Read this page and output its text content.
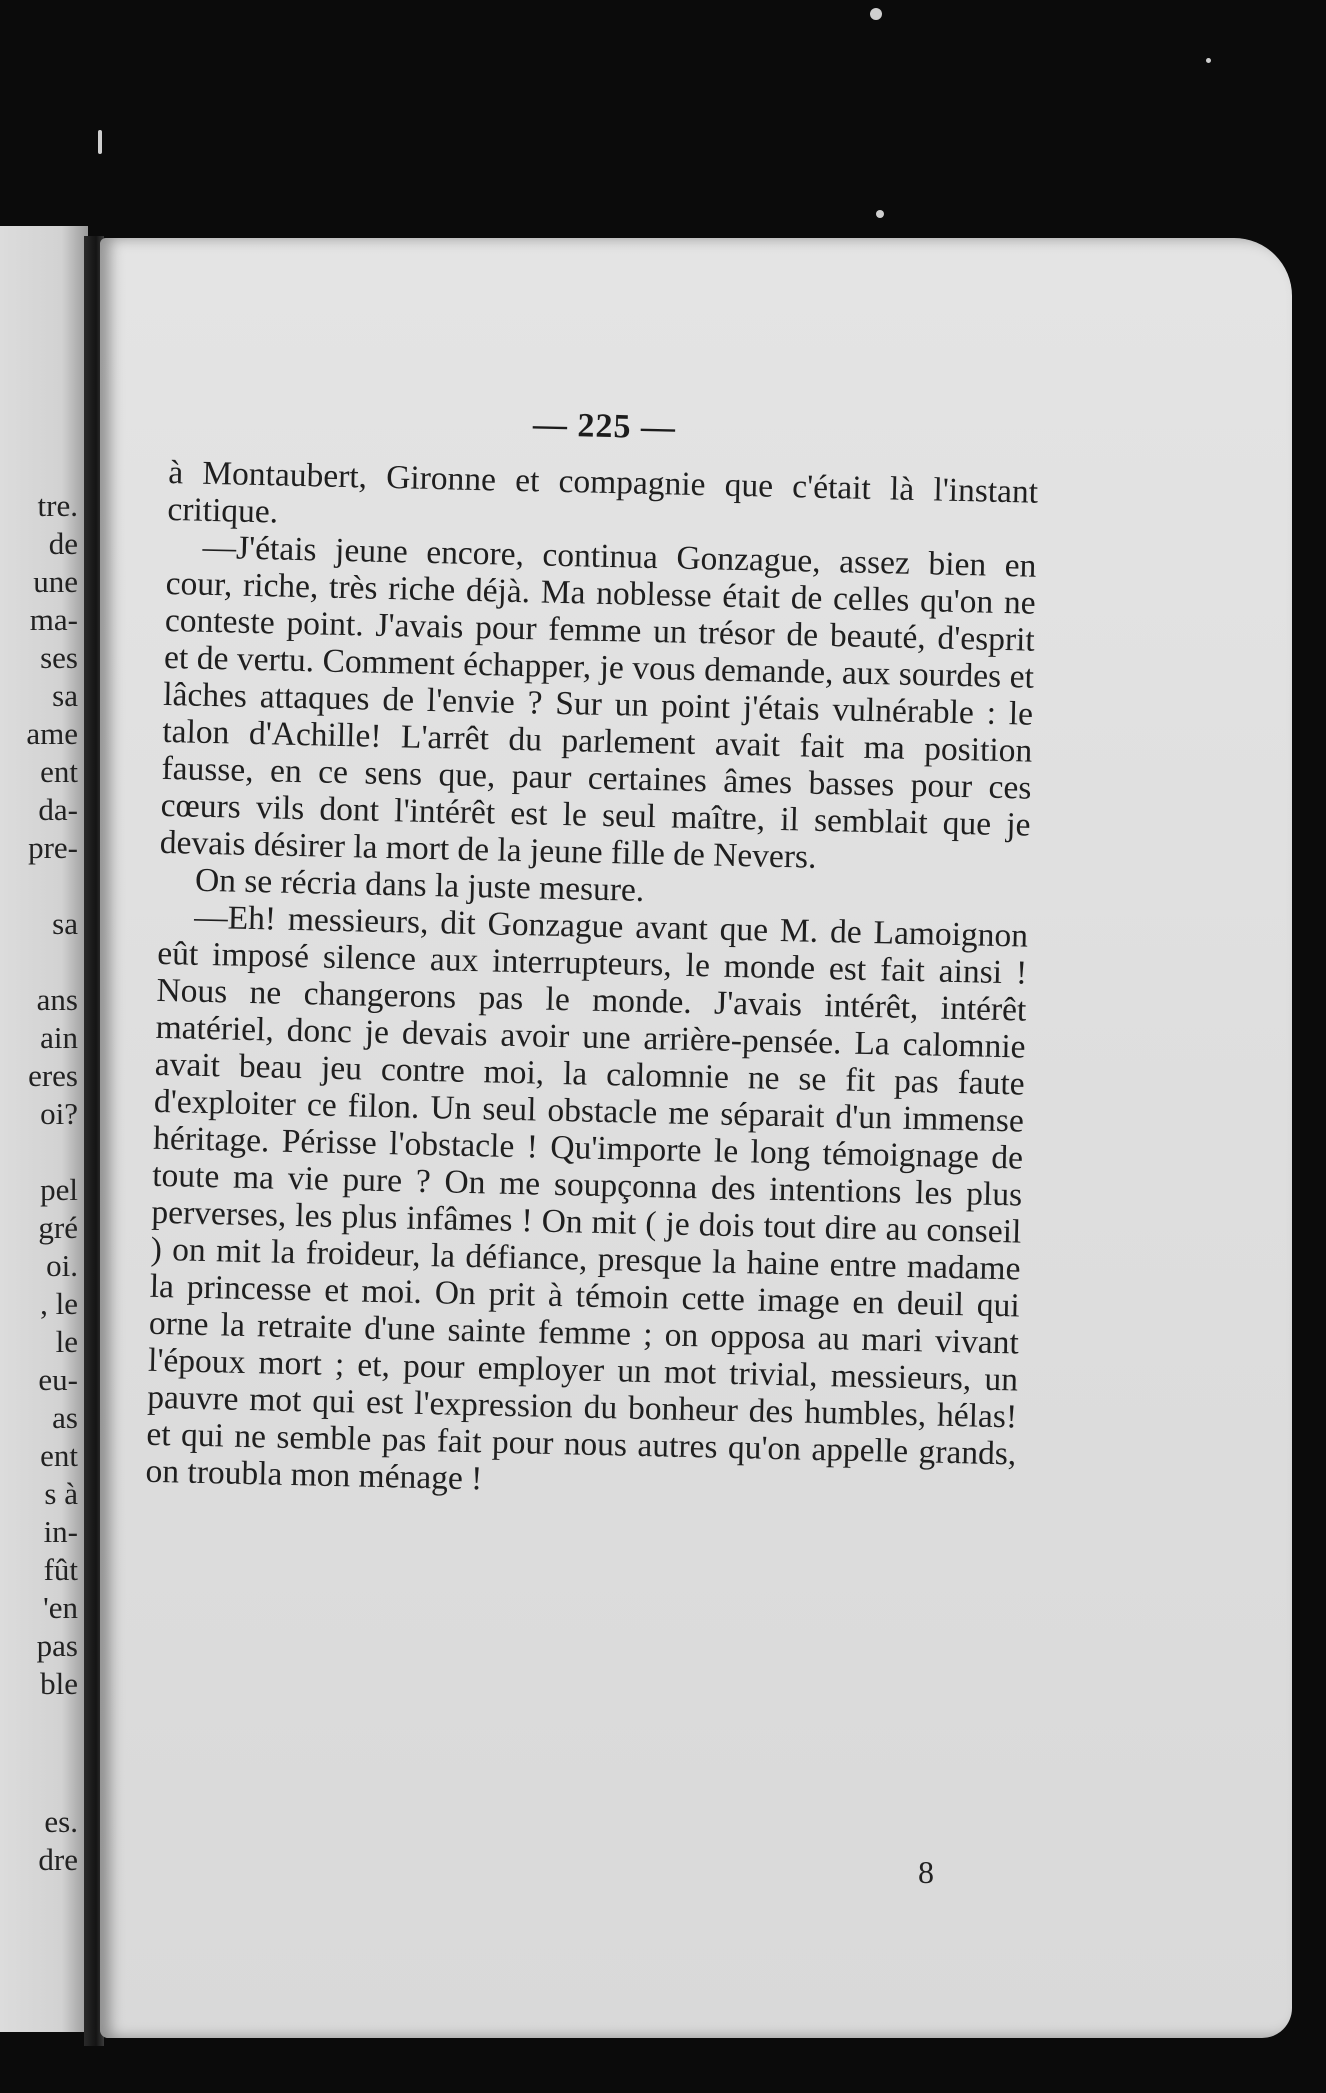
tre.
de
une
ma-
ses
sa
ame
ent
da-
pre-
sa
ans
ain
eres
oi?
pel
gré
oi.
, le
le
eu-
as
ent
s à
in-
fût
'en
pas
ble
es.
dre
— 225 —

à Montaubert, Gironne et compagnie que c'était là l'instant critique.

—J'étais jeune encore, continua Gonzague, assez bien en cour, riche, très riche déjà. Ma noblesse était de celles qu'on ne conteste point. J'avais pour femme un trésor de beauté, d'esprit et de vertu. Comment échapper, je vous demande, aux sourdes et lâches attaques de l'envie ? Sur un point j'étais vulnérable : le talon d'Achille! L'arrêt du parlement avait fait ma position fausse, en ce sens que, paur certaines âmes basses pour ces cœurs vils dont l'intérêt est le seul maître, il semblait que je devais désirer la mort de la jeune fille de Nevers.

On se récria dans la juste mesure.

—Eh! messieurs, dit Gonzague avant que M. de Lamoignon eût imposé silence aux interrupteurs, le monde est fait ainsi ! Nous ne changerons pas le monde. J'avais intérêt, intérêt matériel, donc je devais avoir une arrière-pensée. La calomnie avait beau jeu contre moi, la calomnie ne se fit pas faute d'exploiter ce filon. Un seul obstacle me séparait d'un immense héritage. Périsse l'obstacle ! Qu'importe le long témoignage de toute ma vie pure ? On me soupçonna des intentions les plus perverses, les plus infâmes ! On mit ( je dois tout dire au conseil ) on mit la froideur, la défiance, presque la haine entre madame la princesse et moi. On prit à témoin cette image en deuil qui orne la retraite d'une sainte femme ; on opposa au mari vivant l'époux mort ; et, pour employer un mot trivial, messieurs, un pauvre mot qui est l'expression du bonheur des humbles, hélas! et qui ne semble pas fait pour nous autres qu'on appelle grands, on troubla mon ménage !

8
